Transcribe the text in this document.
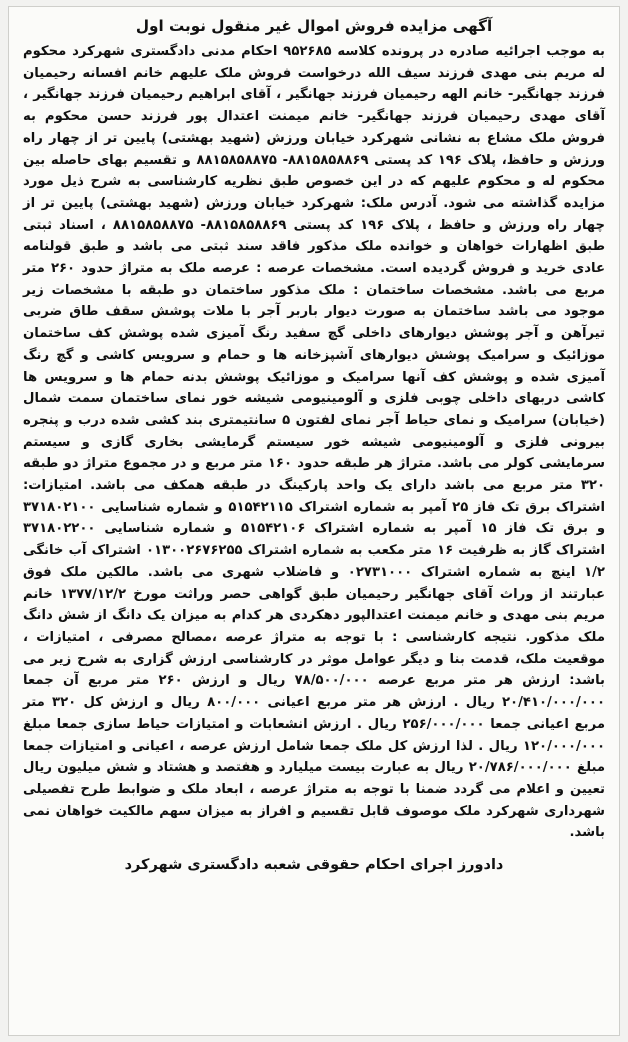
آگهی مزایده فروش اموال غیر منقول نوبت اول

به موجب اجرائیه صادره در پرونده کلاسه ۹۵۲۶۸۵ احکام مدنی دادگستری شهرکرد محکوم له مریم بنی مهدی فرزند سیف الله درخواست فروش ملک علیهم خانم افسانه رحیمیان فرزند جهانگیر- خانم الهه رحیمیان فرزند جهانگیر ، آقای ابراهیم رحیمیان فرزند جهانگیر ، آقای مهدی رحیمیان فرزند جهانگیر- خانم میمنت اعتدال پور فرزند حسن محکوم به فروش ملک مشاع به نشانی شهرکرد خیابان ورزش (شهید بهشتی) پایین تر از چهار راه ورزش و حافظ، پلاک ۱۹۶ کد پستی ۸۸۱۵۸۵۸۸۶۹- ۸۸۱۵۸۵۸۸۷۵ و تقسیم بهای حاصله بین محکوم له و محکوم علیهم که در این خصوص طبق نظریه کارشناسی به شرح ذیل مورد مزایده گذاشته می شود. آدرس ملک: شهرکرد خیابان ورزش (شهید بهشتی) پایین تر از چهار راه ورزش و حافظ ، پلاک ۱۹۶ کد پستی ۸۸۱۵۸۵۸۸۶۹- ۸۸۱۵۸۵۸۸۷۵ ، اسناد ثبتی طبق اظهارات خواهان و خوانده ملک مذکور فاقد سند ثبتی می باشد و طبق قولنامه عادی خرید و فروش گردیده است. مشخصات عرصه : عرصه ملک به متراژ حدود ۲۶۰ متر مربع می باشد. مشخصات ساختمان : ملک مذکور ساختمان دو طبقه با مشخصات زیر موجود می باشد ساختمان به صورت دیوار باربر آجر با ملات پوشش سقف طاق ضربی تیرآهن و آجر پوشش دیوارهای داخلی گچ سفید رنگ آمیزی شده پوشش کف ساختمان موزائیک و سرامیک پوشش دیوارهای آشپزخانه ها و حمام و سرویس کاشی و گچ رنگ آمیزی شده و پوشش کف آنها سرامیک و موزائیک پوشش بدنه حمام ها و سرویس ها کاشی دربهای داخلی چوبی فلزی و آلومینیومی شیشه خور نمای ساختمان سمت شمال (خیابان) سرامیک و نمای حیاط آجر نمای لفتون ۵ سانتیمتری بند کشی شده درب و پنجره بیرونی فلزی و آلومینیومی شیشه خور سیستم گرمایشی بخاری گازی و سیستم سرمایشی کولر می باشد. متراژ هر طبقه حدود ۱۶۰ متر مربع و در مجموع متراژ دو طبقه ۳۲۰ متر مربع می باشد دارای یک واحد پارکینگ در طبقه همکف می باشد. امتیازات: اشتراک برق تک فاز ۲۵ آمپر به شماره اشتراک ۵۱۵۴۲۱۱۵ و شماره شناسایی ۳۷۱۸۰۲۱۰۰ و برق تک فاز ۱۵ آمپر به شماره اشتراک ۵۱۵۴۲۱۰۶ و شماره شناسایی ۳۷۱۸۰۲۲۰۰ اشتراک گاز به ظرفیت ۱۶ متر مکعب به شماره اشتراک ۰۱۳۰۰۲۶۷۶۲۵۵ اشتراک آب خانگی ۱/۲ اینچ به شماره اشتراک ۰۲۷۳۱۰۰۰ و فاضلاب شهری می باشد. مالکین ملک فوق عبارتند از وراث آقای جهانگیر رحیمیان طبق گواهی حصر وراثت مورخ ۱۳۷۷/۱۲/۲ خانم مریم بنی مهدی و خانم میمنت اعتدالپور دهکردی هر کدام به میزان یک دانگ از شش دانگ ملک مذکور. نتیجه کارشناسی : با توجه به متراژ عرصه ،مصالح مصرفی ، امتیازات ، موقعیت ملک، قدمت بنا و دیگر عوامل موثر در کارشناسی ارزش گزاری به شرح زیر می باشد: ارزش هر متر مربع عرصه ۷۸/۵۰۰/۰۰۰ ریال و ارزش ۲۶۰ متر مربع آن جمعا ۲۰/۴۱۰/۰۰۰/۰۰۰ ریال . ارزش هر متر مربع اعیانی ۸۰۰/۰۰۰ ریال و ارزش کل ۳۲۰ متر مربع اعیانی جمعا ۲۵۶/۰۰۰/۰۰۰ ریال . ارزش انشعابات و امتیازات حیاط سازی جمعا مبلغ ۱۲۰/۰۰۰/۰۰۰ ریال . لذا ارزش کل ملک جمعا شامل ارزش عرصه ، اعیانی و امتیازات جمعا مبلغ ۲۰/۷۸۶/۰۰۰/۰۰۰ ریال به عبارت بیست میلیارد و هفتصد و هشتاد و شش میلیون ریال تعیین و اعلام می گردد ضمنا با توجه به متراژ عرصه ، ابعاد ملک و ضوابط طرح تفصیلی شهرداری شهرکرد ملک موصوف قابل تقسیم و افراز به میزان سهم مالکیت خواهان نمی باشد.

دادورز اجرای احکام حقوقی شعبه دادگستری شهرکرد
